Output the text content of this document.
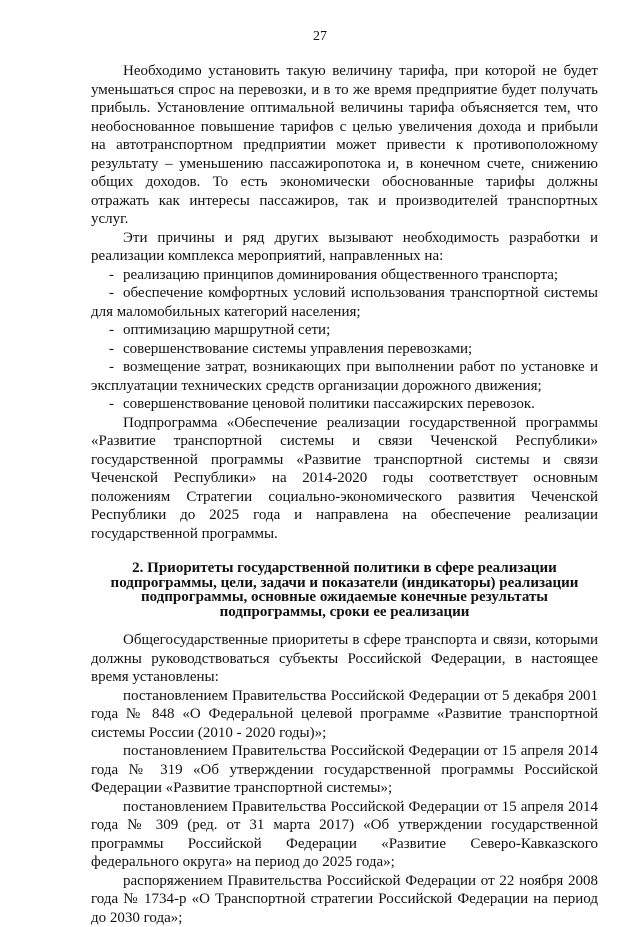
27

Необходимо установить такую величину тарифа, при которой не будет уменьшаться спрос на перевозки, и в то же время предприятие будет получать прибыль. Установление оптимальной величины тарифа объясняется тем, что необоснованное повышение тарифов с целью увеличения дохода и прибыли на автотранспортном предприятии может привести к противоположному результату – уменьшению пассажиропотока и, в конечном счете, снижению общих доходов. То есть экономически обоснованные тарифы должны отражать как интересы пассажиров, так и производителей транспортных услуг.

Эти причины и ряд других вызывают необходимость разработки и реализации комплекса мероприятий, направленных на:

- реализацию принципов доминирования общественного транспорта;

- обеспечение комфортных условий использования транспортной системы для маломобильных категорий населения;

- оптимизацию маршрутной сети;

- совершенствование системы управления перевозками;

- возмещение затрат, возникающих при выполнении работ по установке и эксплуатации технических средств организации дорожного движения;

- совершенствование ценовой политики пассажирских перевозок.

Подпрограмма «Обеспечение реализации государственной программы «Развитие транспортной системы и связи Чеченской Республики» государственной программы «Развитие транспортной системы и связи Чеченской Республики» на 2014-2020 годы соответствует основным положениям Стратегии социально-экономического развития Чеченской Республики до 2025 года и направлена на обеспечение реализации государственной программы.

2. Приоритеты государственной политики в сфере реализации

подпрограммы, цели, задачи и показатели (индикаторы) реализации

подпрограммы, основные ожидаемые конечные результаты

подпрограммы, сроки ее реализации

Общегосударственные приоритеты в сфере транспорта и связи, которыми должны руководствоваться субъекты Российской Федерации, в настоящее время установлены:

постановлением Правительства Российской Федерации от 5 декабря 2001 года № 848 «О Федеральной целевой программе «Развитие транспортной системы России (2010 - 2020 годы)»;

постановлением Правительства Российской Федерации от 15 апреля 2014 года № 319 «Об утверждении государственной программы Российской Федерации «Развитие транспортной системы»;

постановлением Правительства Российской Федерации от 15 апреля 2014 года № 309 (ред. от 31 марта 2017) «Об утверждении государственной программы Российской Федерации «Развитие Северо-Кавказского федерального округа» на период до 2025 года»;

распоряжением Правительства Российской Федерации от 22 ноября 2008 года № 1734-р «О Транспортной стратегии Российской Федерации на период до 2030 года»;
